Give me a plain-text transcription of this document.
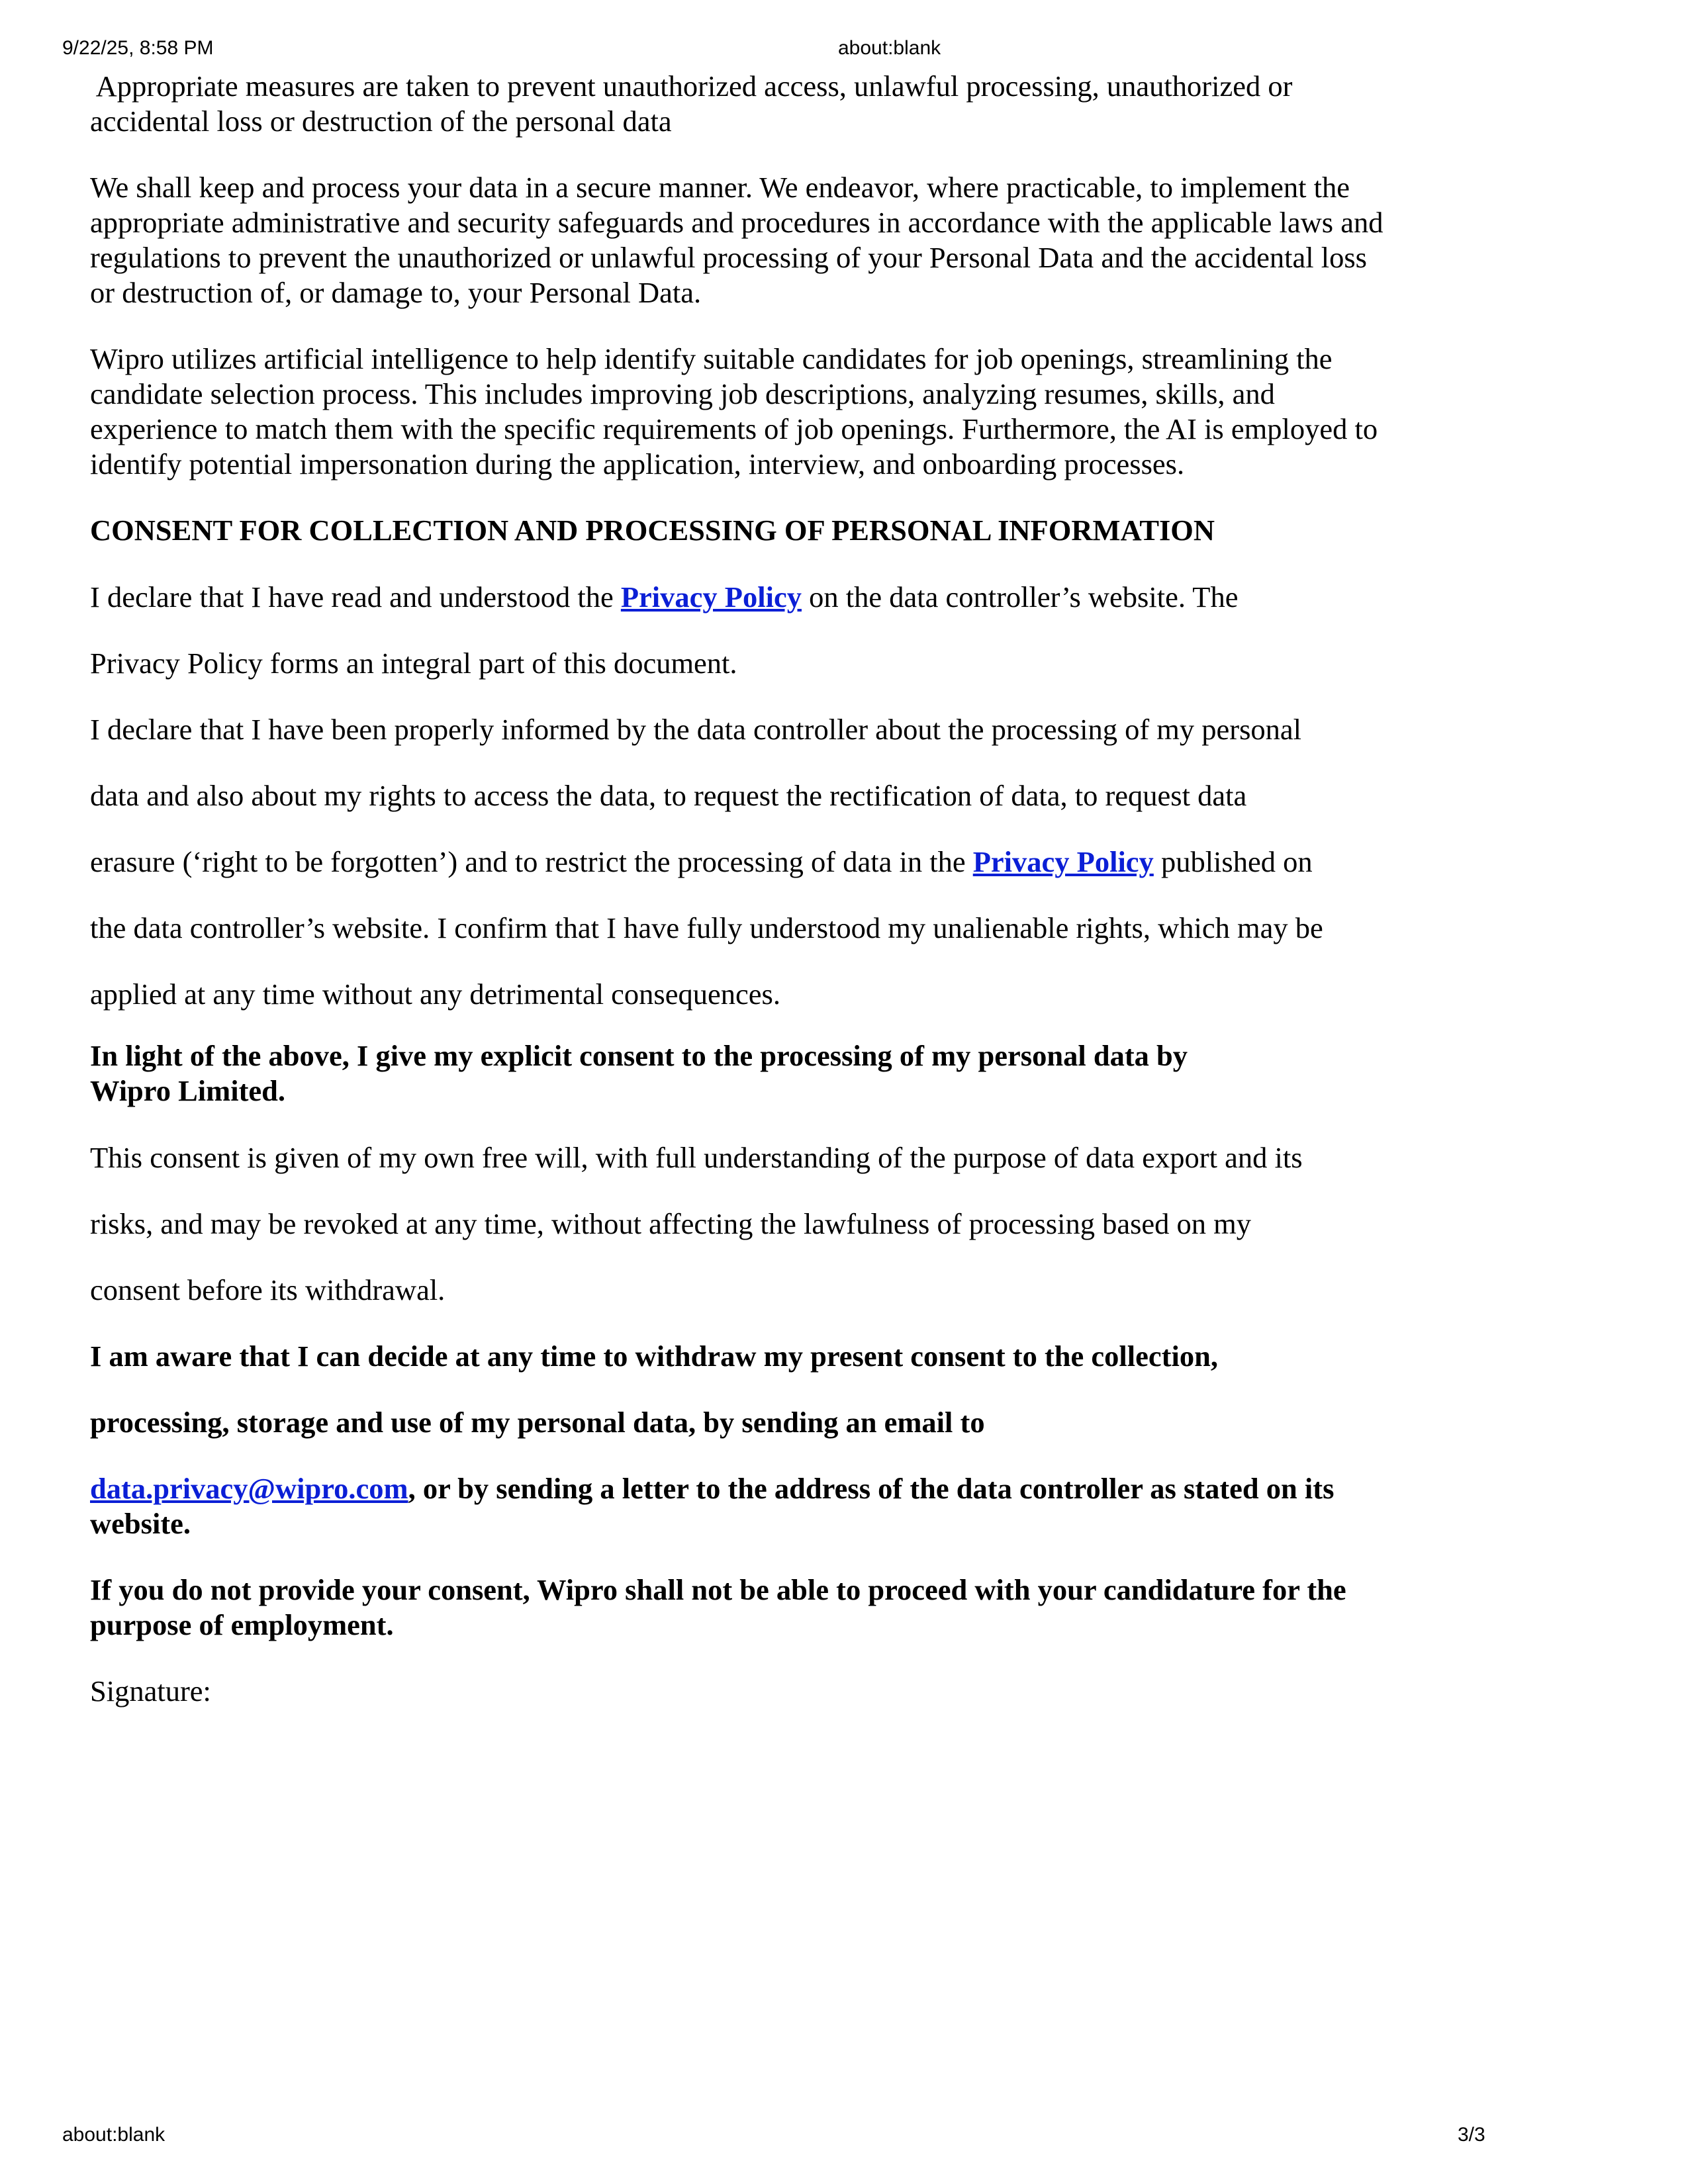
9/22/25, 8:58 PM	about:blank

Appropriate measures are taken to prevent unauthorized access, unlawful processing, unauthorized or
accidental loss or destruction of the personal data

We shall keep and process your data in a secure manner. We endeavor, where practicable, to implement the
appropriate administrative and security safeguards and procedures in accordance with the applicable laws and
regulations to prevent the unauthorized or unlawful processing of your Personal Data and the accidental loss
or destruction of, or damage to, your Personal Data.

Wipro utilizes artificial intelligence to help identify suitable candidates for job openings, streamlining the
candidate selection process. This includes improving job descriptions, analyzing resumes, skills, and
experience to match them with the specific requirements of job openings. Furthermore, the AI is employed to
identify potential impersonation during the application, interview, and onboarding processes.

CONSENT FOR COLLECTION AND PROCESSING OF PERSONAL INFORMATION

I declare that I have read and understood the Privacy Policy on the data controller’s website. The

Privacy Policy forms an integral part of this document.

I declare that I have been properly informed by the data controller about the processing of my personal

data and also about my rights to access the data, to request the rectification of data, to request data

erasure (‘right to be forgotten’) and to restrict the processing of data in the Privacy Policy published on

the data controller’s website. I confirm that I have fully understood my unalienable rights, which may be

applied at any time without any detrimental consequences.

In light of the above, I give my explicit consent to the processing of my personal data by
Wipro Limited.

This consent is given of my own free will, with full understanding of the purpose of data export and its

risks, and may be revoked at any time, without affecting the lawfulness of processing based on my

consent before its withdrawal.

I am aware that I can decide at any time to withdraw my present consent to the collection,

processing, storage and use of my personal data, by sending an email to

data.privacy@wipro.com, or by sending a letter to the address of the data controller as stated on its

website.

If you do not provide your consent, Wipro shall not be able to proceed with your candidature for the
purpose of employment.

Signature:

about:blank	3/3
